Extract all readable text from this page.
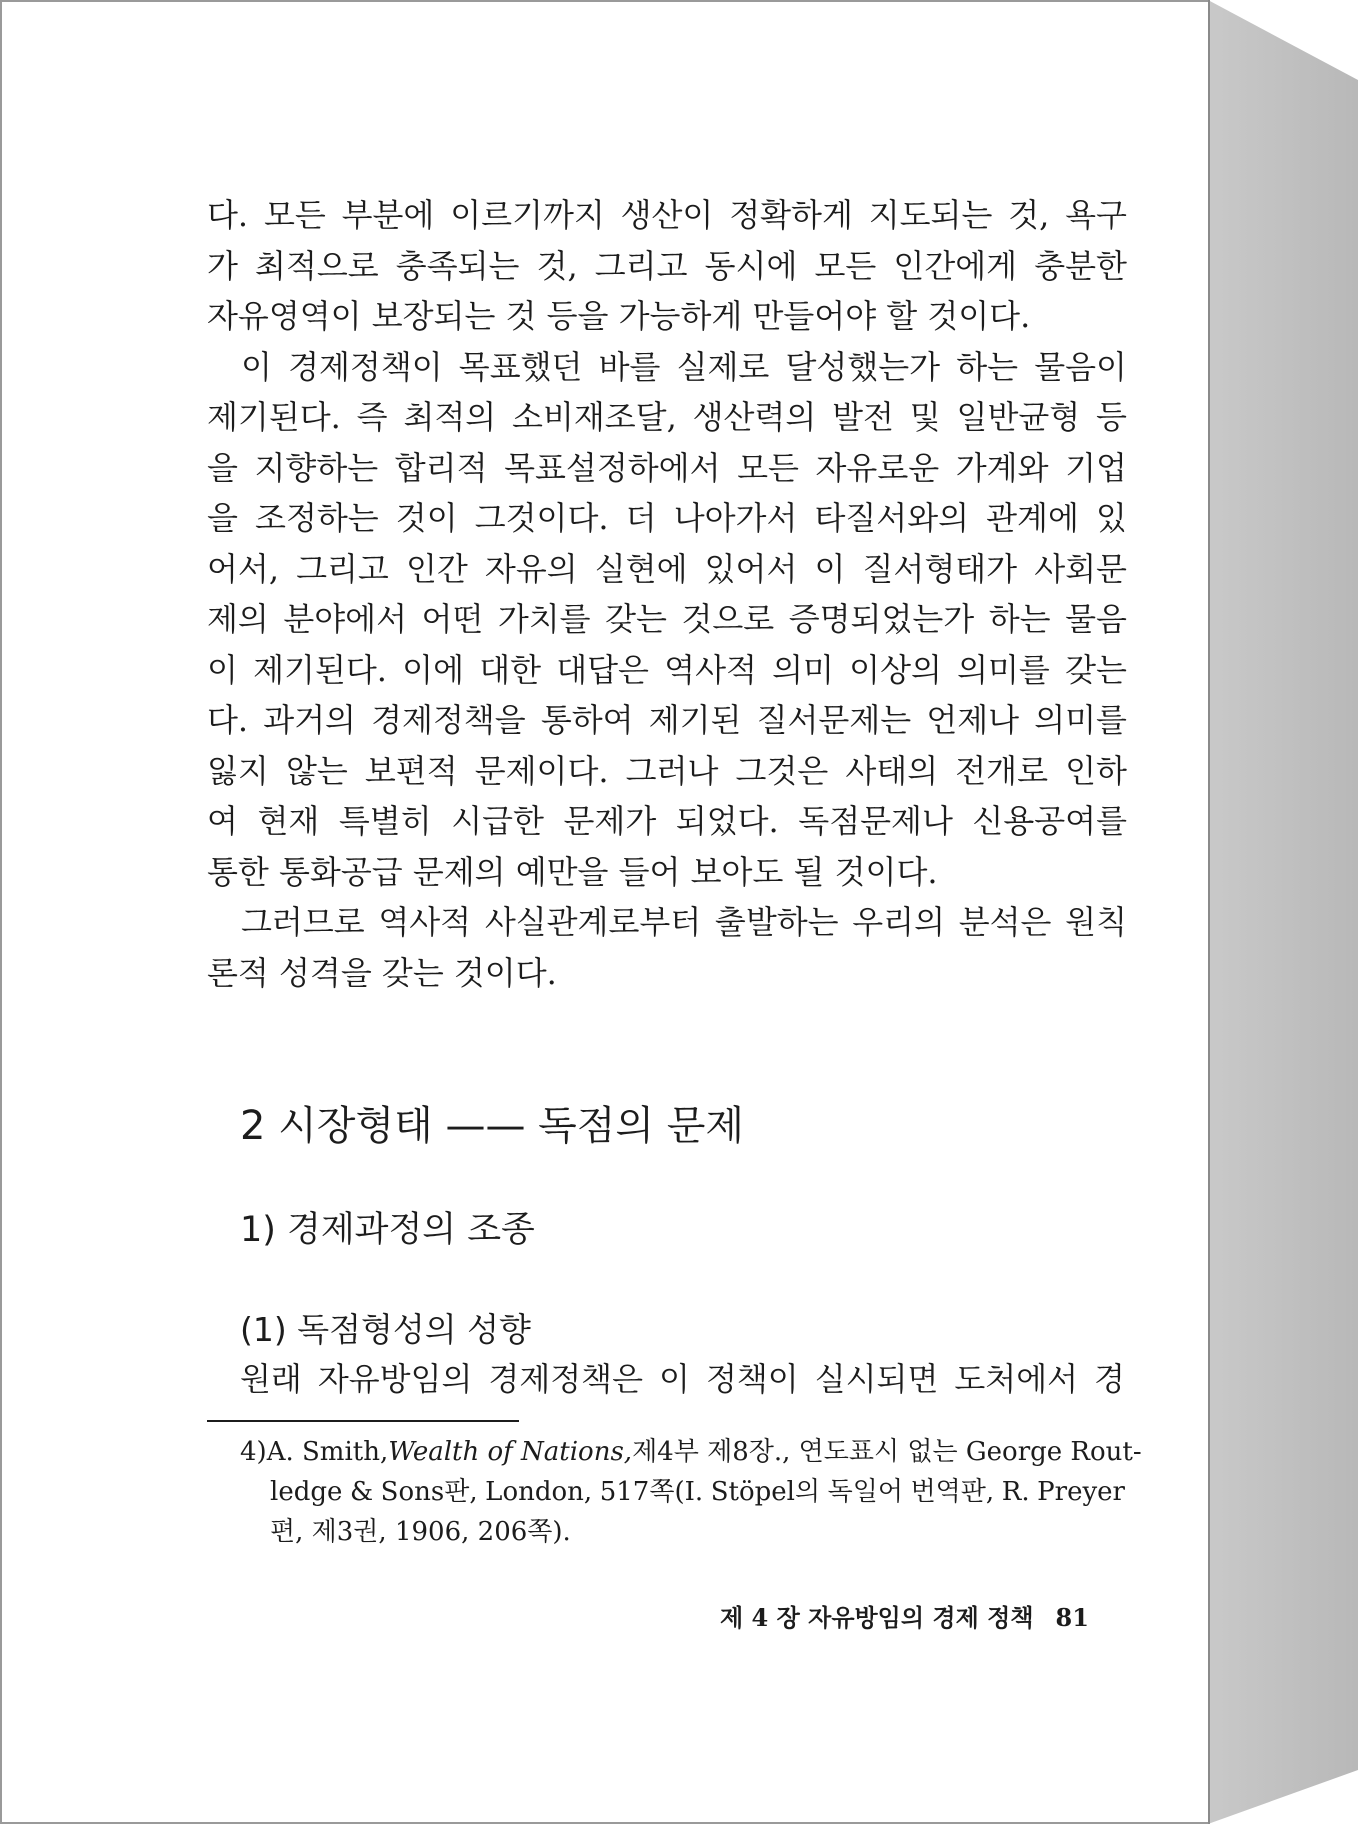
다. 모든 부분에 이르기까지 생산이 정확하게 지도되는 것, 욕구
가 최적으로 충족되는 것, 그리고 동시에 모든 인간에게 충분한
자유영역이 보장되는 것 등을 가능하게 만들어야 할 것이다.
이 경제정책이 목표했던 바를 실제로 달성했는가 하는 물음이
제기된다. 즉 최적의 소비재조달, 생산력의 발전 및 일반균형 등
을 지향하는 합리적 목표설정하에서 모든 자유로운 가계와 기업
을 조정하는 것이 그것이다. 더 나아가서 타질서와의 관계에 있
어서, 그리고 인간 자유의 실현에 있어서 이 질서형태가 사회문
제의 분야에서 어떤 가치를 갖는 것으로 증명되었는가 하는 물음
이 제기된다. 이에 대한 대답은 역사적 의미 이상의 의미를 갖는
다. 과거의 경제정책을 통하여 제기된 질서문제는 언제나 의미를
잃지 않는 보편적 문제이다. 그러나 그것은 사태의 전개로 인하
여 현재 특별히 시급한 문제가 되었다. 독점문제나 신용공여를
통한 통화공급 문제의 예만을 들어 보아도 될 것이다.
그러므로 역사적 사실관계로부터 출발하는 우리의 분석은 원칙
론적 성격을 갖는 것이다.
2 시장형태 —— 독점의 문제
1) 경제과정의 조종
(1) 독점형성의 성향
원래 자유방임의 경제정책은 이 정책이 실시되면 도처에서 경
4) A. Smith, Wealth of Nations, 제4부 제8장., 연도표시 없는 George Rout-
ledge & Sons판, London, 517쪽(I. Stöpel의 독일어 번역판, R. Preyer
편, 제3권, 1906, 206쪽).
제 4 장 자유방임의 경제 정책 81
